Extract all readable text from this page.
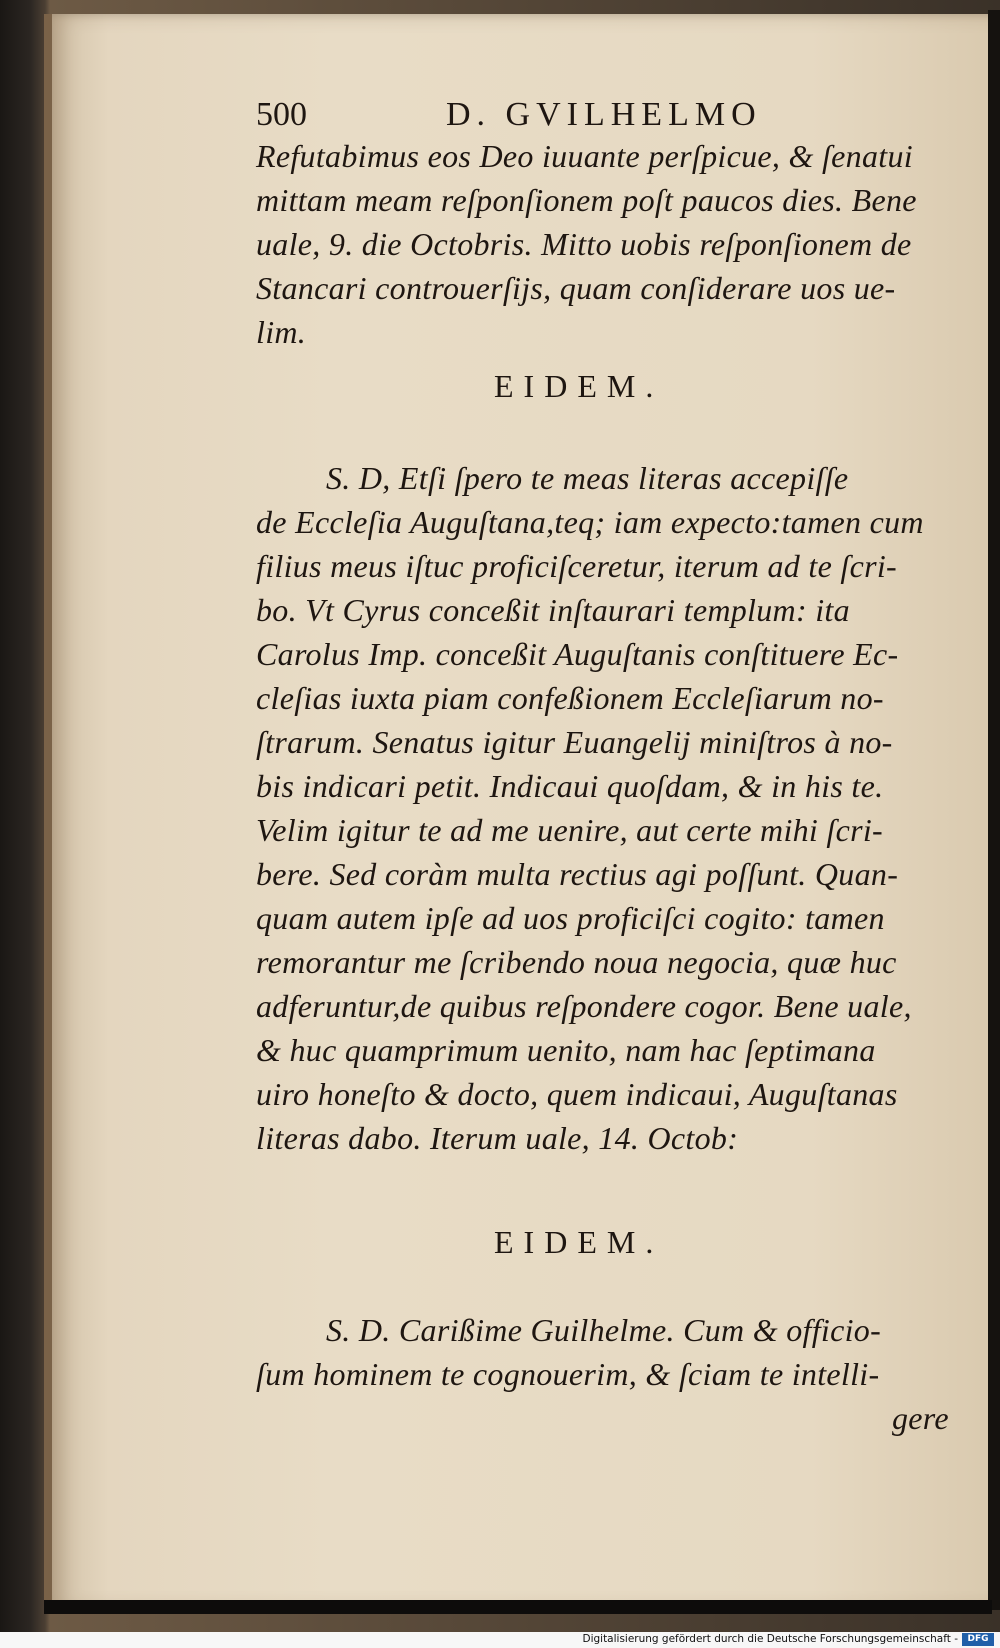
500	D. GVILHELMO
Refutabimus eos Deo iuuante perſpicue, & ſenatui
mittam meam reſponſionem poſt paucos dies. Bene
uale, 9. die Octobris. Mitto uobis reſponſionem de
Stancari controuerſijs, quam conſiderare uos ue-
lim.
EIDEM.
S. D, Etſi ſpero te meas literas accepiſſe
de Eccleſia Auguſtana,teq; iam expecto:tamen cum
filius meus iſtuc proficiſceretur, iterum ad te ſcri-
bo. Vt Cyrus conceßit inſtaurari templum: ita
Carolus Imp. conceßit Auguſtanis conſtituere Ec-
cleſias iuxta piam confeßionem Eccleſiarum no-
ſtrarum. Senatus igitur Euangelij miniſtros à no-
bis indicari petit. Indicaui quoſdam, & in his te.
Velim igitur te ad me uenire, aut certe mihi ſcri-
bere. Sed coràm multa rectius agi poſſunt. Quan-
quam autem ipſe ad uos proficiſci cogito: tamen
remorantur me ſcribendo noua negocia, quæ huc
adferuntur,de quibus reſpondere cogor. Bene uale,
& huc quamprimum uenito, nam hac ſeptimana
uiro honeſto & docto, quem indicaui, Auguſtanas
literas dabo. Iterum uale, 14. Octob:
EIDEM.
S. D. Carißime Guilhelme. Cum & officio-
ſum hominem te cognouerim, & ſciam te intelli-
gere
Digitalisierung gefördert durch die Deutsche Forschungsgemeinschaft -	DFG
